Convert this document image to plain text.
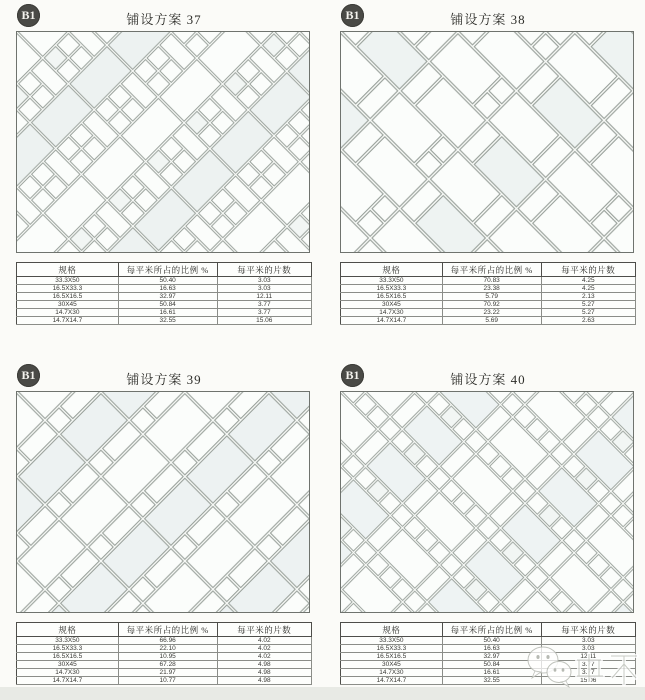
B1	铺设方案 37
规格	每平米所占的比例 %	每平米的片数
33.3X50	50.40	3.03
16.5X33.3	16.63	3.03
16.5X16.5	32.97	12.11
30X45	50.84	3.77
14.7X30	16.61	3.77
14.7X14.7	32.55	15.06
B1	铺设方案 38
规格	每平米所占的比例 %	每平米的片数
33.3X50	70.83	4.25
16.5X33.3	23.38	4.25
16.5X16.5	5.79	2.13
30X45	70.92	5.27
14.7X30	23.22	5.27
14.7X14.7	5.69	2.63
B1	铺设方案 39
规格	每平米所占的比例 %	每平米的片数
33.3X50	66.96	4.02
16.5X33.3	22.10	4.02
16.5X16.5	10.95	4.02
30X45	67.28	4.98
14.7X30	21.97	4.98
14.7X14.7	10.77	4.98
B1	铺设方案 40
规格	每平米所占的比例 %	每平米的片数
33.3X50	50.40	3.03
16.5X33.3	16.63	3.03
16.5X16.5	32.97	12.11
30X45	50.84	3.77
14.7X30	16.61	3.77
14.7X14.7	32.55	15.06
